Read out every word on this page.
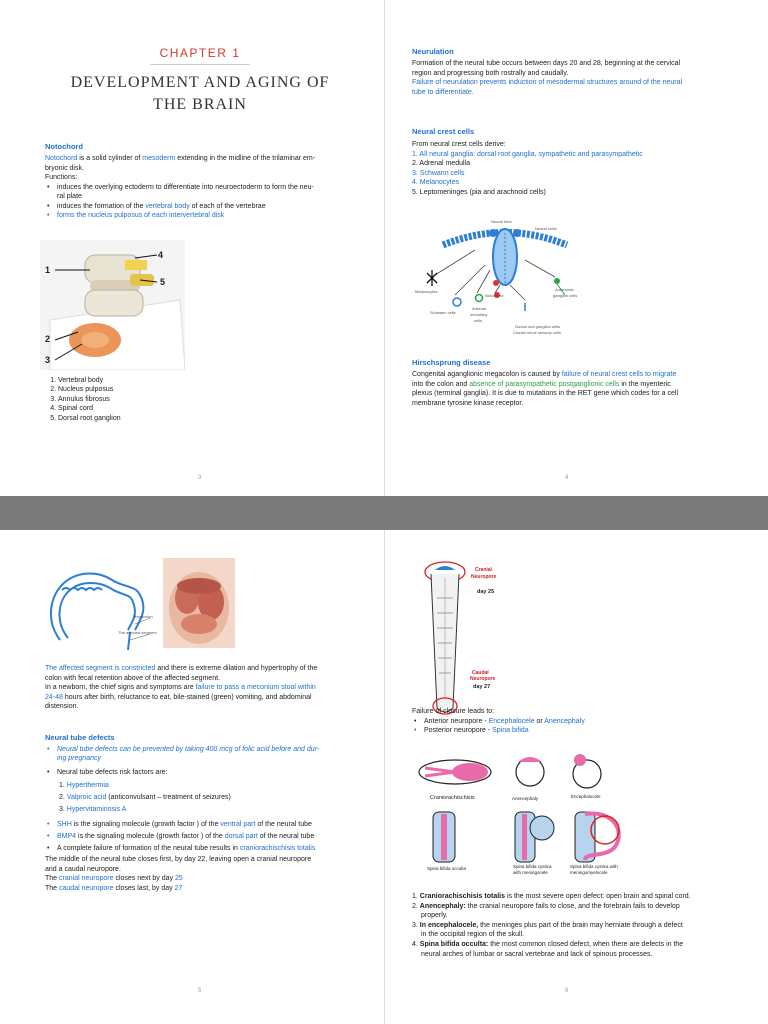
CHAPTER 1
DEVELOPMENT AND AGING OF
THE BRAIN
Notochord

Notochord is a solid cylinder of mesoderm extending in the midline of the trilaminar em-

bryonic disk.

Functions:

• induces the overlying ectoderm to differentiate into neuroectoderm to form the neu-
ral plate
• induces the formation of the vertebral body of each of the vertebrae
• forms the nucleus pulposus of each intervertebral disk
1
2
3
4
5
1. Vertebral body
2. Nucleus pulposus
3. Annulus fibrosus
4. Spinal cord
5. Dorsal root ganglion
3
Neurulation

Formation of the neural tube occurs between days 20 and 28, beginning at the cervical

region and progressing both rostrally and caudally.

Failure of neurulation prevents induction of mesodermal structures around of the neural

tube to differentiate.

Neural crest cells

From neural crest cells derive:

1. All neural ganglia: dorsal root ganglia, sympathetic and parasympathetic

2. Adrenal medulla

3. Schwann cells

4. Melanocytes

5. Leptomeninges (pia and arachnoid cells)

Neural tube
Neural crest
Melanocytes
Notochord
Autonomic
ganglion cells
Schwann cells
Adrenal
medullary
cells
Dorsal root ganglion cells
Cranial nerve sensory cells
Hirschsprung disease

Congenital aganglionic megacolon is caused by failure of neural crest cells to migrate

into the colon and absence of parasympathetic postganglionic cells in the myenteric

plexus (terminal ganglia). It is due to mutations in the RET gene which codes for a cell

membrane tyrosine kinase receptor.

4
Megacolon
The affected segment

The affected segment is constricted and there is extreme dilation and hypertrophy of the

colon with fecal retention above of the affected segment.

In a newborn, the chief signs and symptoms are failure to pass a meconium stool within

24-48 hours after birth, reluctance to eat, bile-stained (green) vomiting, and abdominal

distension.

Neural tube defects
• Neural tube defects can be prevented by taking 400 mcg of folic acid before and dur-
ing pregnancy
• Neural tube defects risk factors are:

1. Hyperthermia

2. Valproic acid (anticonvulsant – treatment of seizures)

3. Hypervitaminosis A

• SHH is the signaling molecule (growth factor ) of the ventral part of the neural tube
• BMP4 is the signaling molecule (growth factor ) of the dorsal part of the neural tube
• A complete failure of formation of the neural tube results in craniorachischisis totalis

The middle of the neural tube closes first, by day 22, leaving open a cranial neuropore

and a caudal neuropore.

The cranial neuropore closes next by day 25

The caudal neuropore closes last, by day 27

5
Cranial
Neuropore
day 25
Caudal
Neuropore
day 27

Failure of closure leads to:

• Anterior neuropore - Encephalocele or Anencephaly
• Posterior neuropore - Spina bifida
Craniorachischisis	Anencephaly	Encephalocele
Spina bifida occulta	Spina bifida cystica
with meningocele
Spina bifida cystica with
meningomyelocele

1. Craniorachischisis totalis is the most severe open defect: open brain and spinal cord.

2. Anencephaly: the cranial neuropore fails to close, and the forebrain fails to develop

properly.

3. In encephalocele, the meninges plus part of the brain may herniate through a defect

in the occipital region of the skull.

4. Spina bifida occulta: the most common closed defect, when there are defects in the

neural arches of lumbar or sacral vertebrae and lack of spinous processes.

6
